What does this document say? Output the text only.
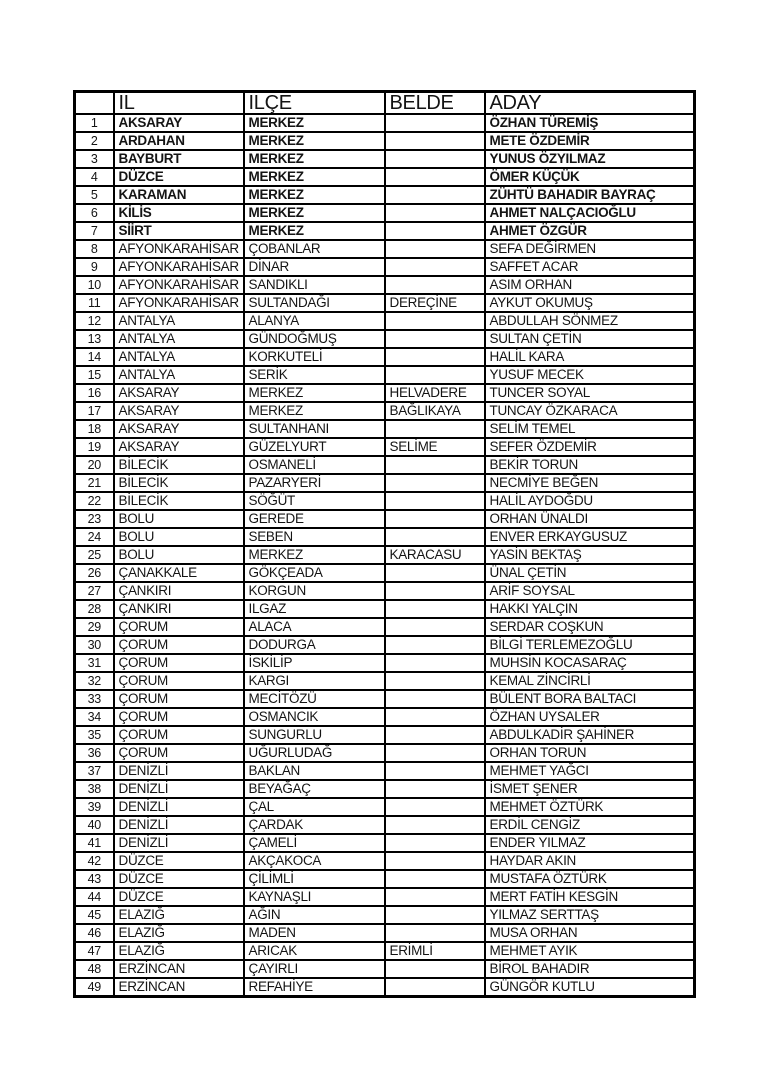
	IL	ILÇE	BELDE	ADAY
1	AKSARAY	MERKEZ		ÖZHAN TÜREMİŞ
2	ARDAHAN	MERKEZ		METE ÖZDEMİR
3	BAYBURT	MERKEZ		YUNUS ÖZYILMAZ
4	DÜZCE	MERKEZ		ÖMER KÜÇÜK
5	KARAMAN	MERKEZ		ZÜHTÜ BAHADIR BAYRAÇ
6	KİLİS	MERKEZ		AHMET NALÇACIOĞLU
7	SİİRT	MERKEZ		AHMET ÖZGÜR
8	AFYONKARAHİSAR	ÇOBANLAR		SEFA DEĞİRMEN
9	AFYONKARAHİSAR	DİNAR		SAFFET ACAR
10	AFYONKARAHİSAR	SANDIKLI		ASIM ORHAN
11	AFYONKARAHİSAR	SULTANDAĞI	DEREÇİNE	AYKUT OKUMUŞ
12	ANTALYA	ALANYA		ABDULLAH SÖNMEZ
13	ANTALYA	GÜNDOĞMUŞ		SULTAN ÇETİN
14	ANTALYA	KORKUTELİ		HALİL KARA
15	ANTALYA	SERİK		YUSUF MECEK
16	AKSARAY	MERKEZ	HELVADERE	TUNCER SOYAL
17	AKSARAY	MERKEZ	BAĞLIKAYA	TUNCAY ÖZKARACA
18	AKSARAY	SULTANHANI		SELİM TEMEL
19	AKSARAY	GÜZELYURT	SELİME	SEFER ÖZDEMİR
20	BİLECİK	OSMANELİ		BEKİR TORUN
21	BİLECİK	PAZARYERİ		NECMİYE BEĞEN
22	BİLECİK	SÖĞÜT		HALİL AYDOĞDU
23	BOLU	GEREDE		ORHAN ÜNALDI
24	BOLU	SEBEN		ENVER ERKAYGUSUZ
25	BOLU	MERKEZ	KARACASU	YASİN BEKTAŞ
26	ÇANAKKALE	GÖKÇEADA		ÜNAL ÇETİN
27	ÇANKIRI	KORGUN		ARİF SOYSAL
28	ÇANKIRI	ILGAZ		HAKKI YALÇIN
29	ÇORUM	ALACA		SERDAR COŞKUN
30	ÇORUM	DODURGA		BİLGİ TERLEMEZOĞLU
31	ÇORUM	İSKİLİP		MUHSİN KOCASARAÇ
32	ÇORUM	KARGI		KEMAL ZİNCİRLİ
33	ÇORUM	MECİTÖZÜ		BÜLENT BORA BALTACI
34	ÇORUM	OSMANCIK		ÖZHAN UYSALER
35	ÇORUM	SUNGURLU		ABDULKADİR ŞAHİNER
36	ÇORUM	UĞURLUDAĞ		ORHAN TORUN
37	DENİZLİ	BAKLAN		MEHMET YAĞCI
38	DENİZLİ	BEYAĞAÇ		İSMET ŞENER
39	DENİZLİ	ÇAL		MEHMET ÖZTÜRK
40	DENİZLİ	ÇARDAK		ERDİL CENGİZ
41	DENİZLİ	ÇAMELİ		ENDER YILMAZ
42	DÜZCE	AKÇAKOCA		HAYDAR AKIN
43	DÜZCE	ÇİLİMLİ		MUSTAFA ÖZTÜRK
44	DÜZCE	KAYNAŞLI		MERT FATİH KESGİN
45	ELAZIĞ	AĞIN		YILMAZ SERTTAŞ
46	ELAZIĞ	MADEN		MUSA ORHAN
47	ELAZIĞ	ARICAK	ERİMLİ	MEHMET AYIK
48	ERZİNCAN	ÇAYIRLI		BİROL BAHADIR
49	ERZİNCAN	REFAHİYE		GÜNGÖR KUTLU
